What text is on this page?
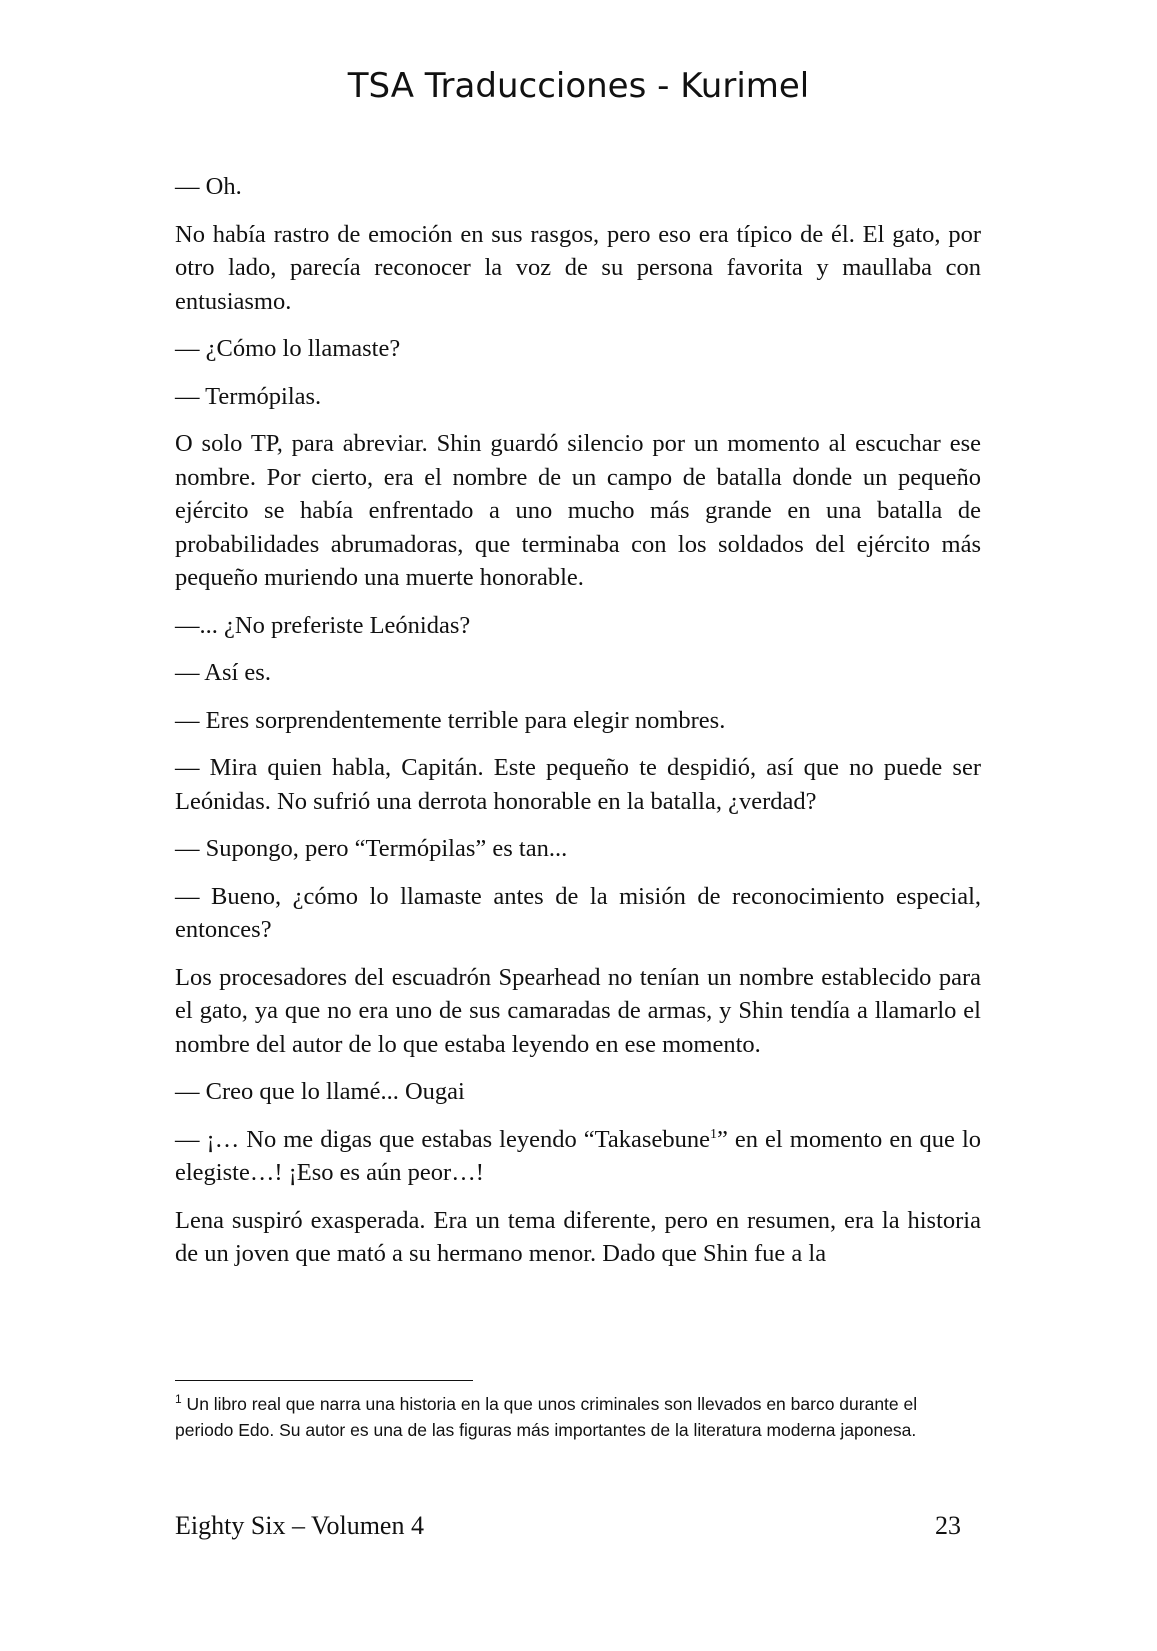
TSA Traducciones - Kurimel

— Oh.

No había rastro de emoción en sus rasgos, pero eso era típico de él. El gato, por otro lado, parecía reconocer la voz de su persona favorita y maullaba con entusiasmo.

— ¿Cómo lo llamaste?

— Termópilas.

O solo TP, para abreviar. Shin guardó silencio por un momento al escuchar ese nombre. Por cierto, era el nombre de un campo de batalla donde un pequeño ejército se había enfrentado a uno mucho más grande en una batalla de probabilidades abrumadoras, que terminaba con los soldados del ejército más pequeño muriendo una muerte honorable.

—... ¿No preferiste Leónidas?

— Así es.

— Eres sorprendentemente terrible para elegir nombres.

— Mira quien habla, Capitán. Este pequeño te despidió, así que no puede ser Leónidas. No sufrió una derrota honorable en la batalla, ¿verdad?

— Supongo, pero “Termópilas” es tan...

— Bueno, ¿cómo lo llamaste antes de la misión de reconocimiento especial, entonces?

Los procesadores del escuadrón Spearhead no tenían un nombre establecido para el gato, ya que no era uno de sus camaradas de armas, y Shin tendía a llamarlo el nombre del autor de lo que estaba leyendo en ese momento.

— Creo que lo llamé... Ougai

— ¡… No me digas que estabas leyendo “Takasebune$^1$” en el momento en que lo elegiste…! ¡Eso es aún peor…!

Lena suspiró exasperada. Era un tema diferente, pero en resumen, era la historia de un joven que mató a su hermano menor. Dado que Shin fue a la

$^1$ Un libro real que narra una historia en la que unos criminales son llevados en barco durante el periodo Edo. Su autor es una de las figuras más importantes de la literatura moderna japonesa.
Eighty Six – Volumen 4	23
